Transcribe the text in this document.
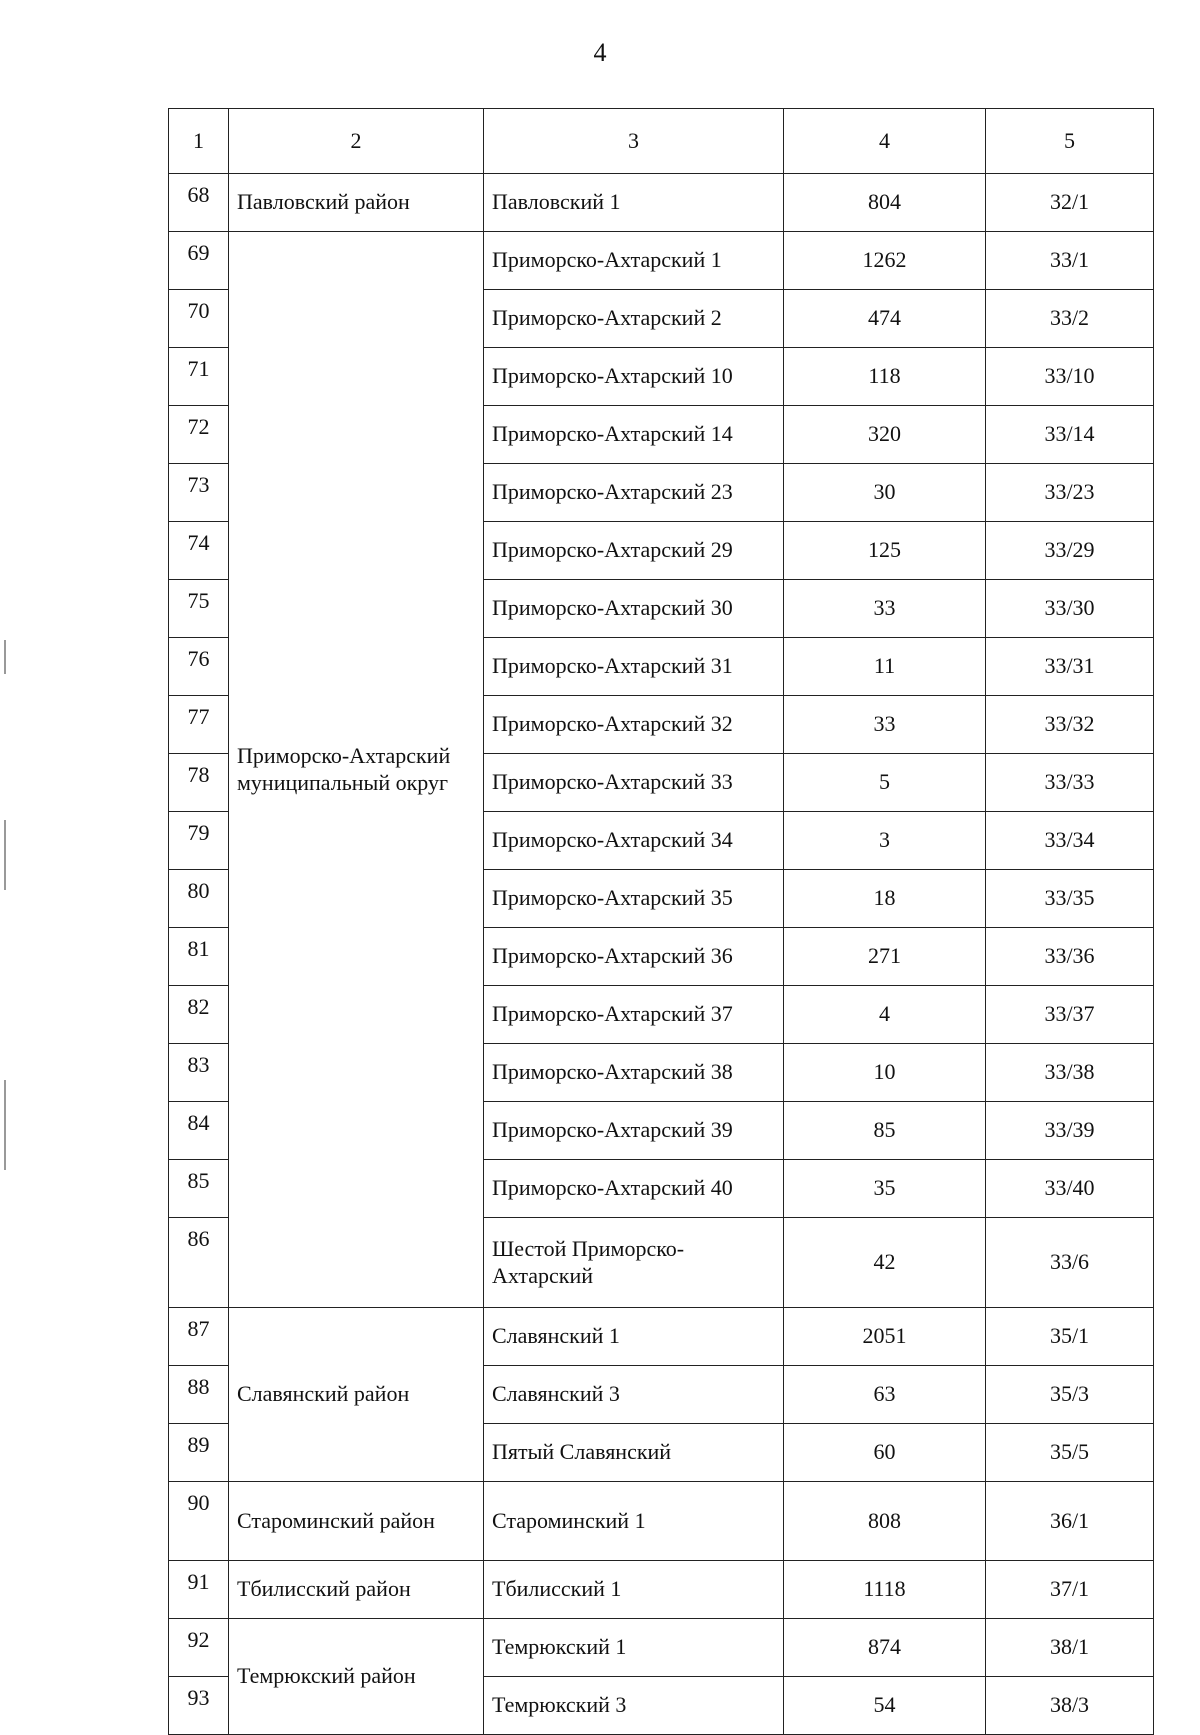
4
1	2	3	4	5
68	Павловский район	Павловский 1	804	32/1
69	Приморско-Ахтарский муниципальный округ	Приморско-Ахтарский 1	1262	33/1
70		Приморско-Ахтарский 2	474	33/2
71		Приморско-Ахтарский 10	118	33/10
72		Приморско-Ахтарский 14	320	33/14
73		Приморско-Ахтарский 23	30	33/23
74		Приморско-Ахтарский 29	125	33/29
75		Приморско-Ахтарский 30	33	33/30
76		Приморско-Ахтарский 31	11	33/31
77		Приморско-Ахтарский 32	33	33/32
78		Приморско-Ахтарский 33	5	33/33
79		Приморско-Ахтарский 34	3	33/34
80		Приморско-Ахтарский 35	18	33/35
81		Приморско-Ахтарский 36	271	33/36
82		Приморско-Ахтарский 37	4	33/37
83		Приморско-Ахтарский 38	10	33/38
84		Приморско-Ахтарский 39	85	33/39
85		Приморско-Ахтарский 40	35	33/40
86		Шестой Приморско-Ахтарский	42	33/6
87	Славянский район	Славянский 1	2051	35/1
88		Славянский 3	63	35/3
89		Пятый Славянский	60	35/5
90	Староминский район	Староминский 1	808	36/1
91	Тбилисский район	Тбилисский 1	1118	37/1
92	Темрюкский район	Темрюкский 1	874	38/1
93		Темрюкский 3	54	38/3
